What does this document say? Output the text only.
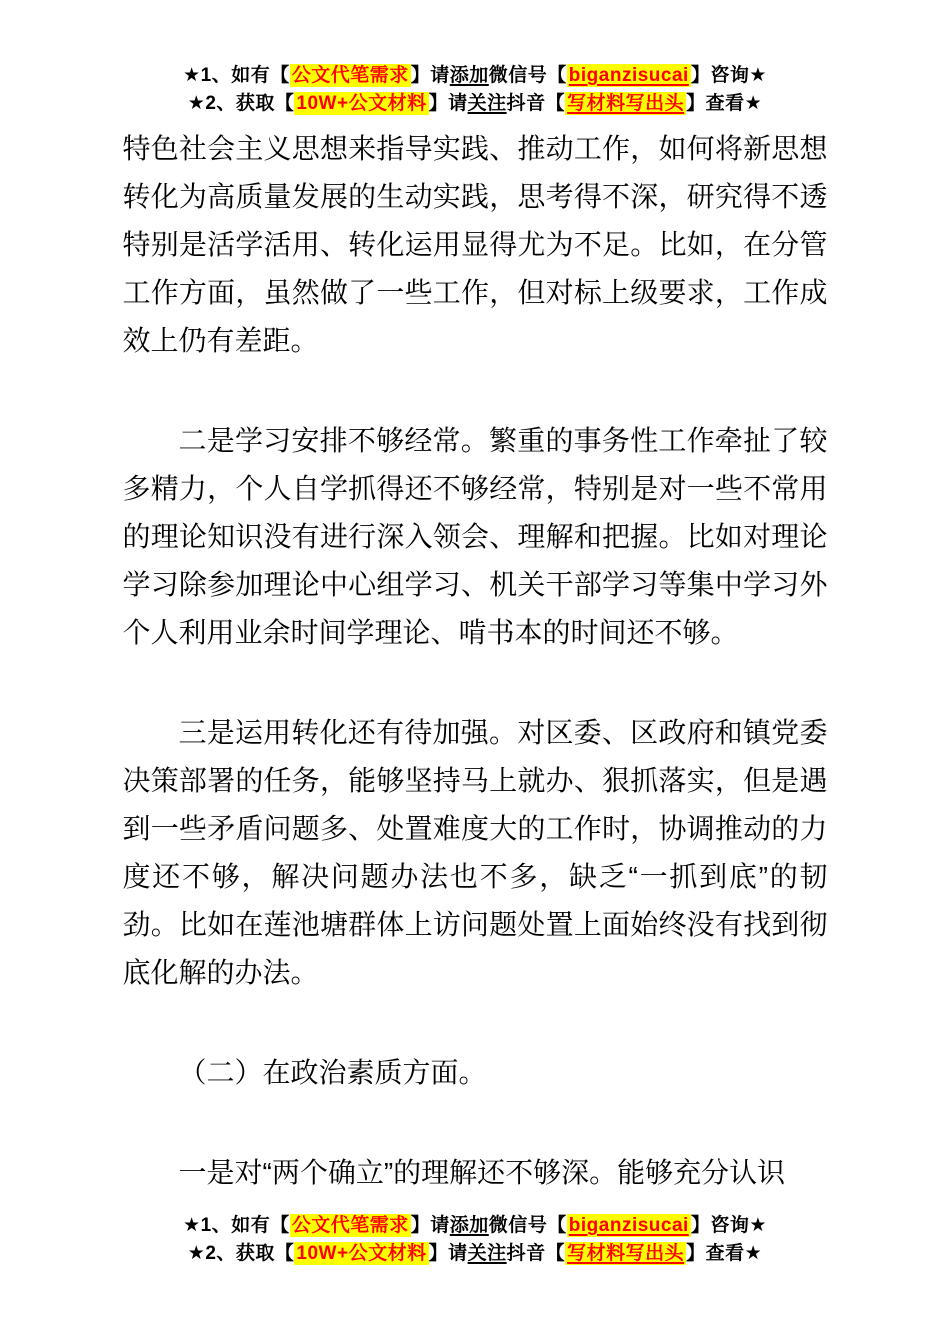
★1、如有【 公文代笔需求 】请添加微信号【 biganzisucai 】咨询★
★2、获取【 10W+公文材料 】请关注抖音【 写材料写出头 】查看★

特色社会主义思想来指导实践、推动工作，如何将新思想转化为高质量发展的生动实践，思考得不深，研究得不透特别是活学活用、转化运用显得尤为不足。比如，在分管工作方面，虽然做了一些工作，但对标上级要求，工作成效上仍有差距。

二是学习安排不够经常。繁重的事务性工作牵扯了较多精力，个人自学抓得还不够经常，特别是对一些不常用的理论知识没有进行深入领会、理解和把握。比如对理论学习除参加理论中心组学习、机关干部学习等集中学习外个人利用业余时间学理论、啃书本的时间还不够。

三是运用转化还有待加强。对区委、区政府和镇党委决策部署的任务，能够坚持马上就办、狠抓落实，但是遇到一些矛盾问题多、处置难度大的工作时，协调推动的力度还不够，解决问题办法也不多，缺乏“一抓到底”的韧劲。比如在莲池塘群体上访问题处置上面始终没有找到彻底化解的办法。

（二）在政治素质方面。

一是对“两个确立”的理解还不够深。能够充分认识

★1、如有【 公文代笔需求 】请添加微信号【 biganzisucai 】咨询★
★2、获取【 10W+公文材料 】请关注抖音【 写材料写出头 】查看★
